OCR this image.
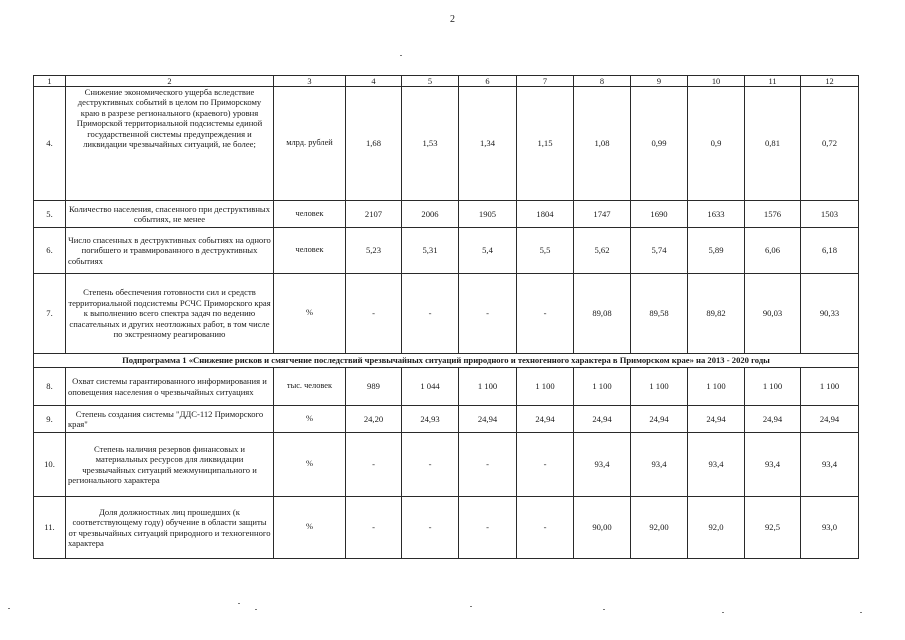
2
1	2	3	4	5	6	7	8	9	10	11	12
4.	Снижение экономического ущерба вследствие деструктивных событий в целом по Приморскому краю в разрезе регионального (краевого) уровня Приморской территориальной подсистемы единой государственной системы предупреждения и ликвидации чрезвычайных ситуаций, не более;	млрд. рублей	1,68	1,53	1,34	1,15	1,08	0,99	0,9	0,81	0,72
5.	Количество населения, спасенного при деструктивных событиях, не менее	человек	2107	2006	1905	1804	1747	1690	1633	1576	1503
6.	Число спасенных в деструктивных событиях на одного погибшего и травмированного в деструктивных событиях	человек	5,23	5,31	5,4	5,5	5,62	5,74	5,89	6,06	6,18
7.	Степень обеспечения готовности сил и средств территориальной подсистемы РСЧС Приморского края к выполнению всего спектра задач по ведению спасательных и других неотложных работ, в том числе по экстренному реагированию	%	-	-	-	-	89,08	89,58	89,82	90,03	90,33
Подпрограмма 1 «Снижение рисков и смягчение последствий чрезвычайных ситуаций природного и техногенного характера в Приморском крае» на 2013 - 2020 годы											
8.	Охват системы гарантированного информирования и оповещения населения о чрезвычайных ситуациях	тыс. человек	989	1 044	1 100	1 100	1 100	1 100	1 100	1 100	1 100
9.	Степень создания системы "ДДС-112 Приморского края"	%	24,20	24,93	24,94	24,94	24,94	24,94	24,94	24,94	24,94
10.	Степень наличия резервов финансовых и материальных ресурсов для ликвидации чрезвычайных ситуаций межмуниципального и регионального характера	%	-	-	-	-	93,4	93,4	93,4	93,4	93,4
11.	Доля должностных лиц прошедших (к соответствующему году) обучение в области защиты от чрезвычайных ситуаций природного и техногенного характера	%	-	-	-	-	90,00	92,00	92,0	92,5	93,0
